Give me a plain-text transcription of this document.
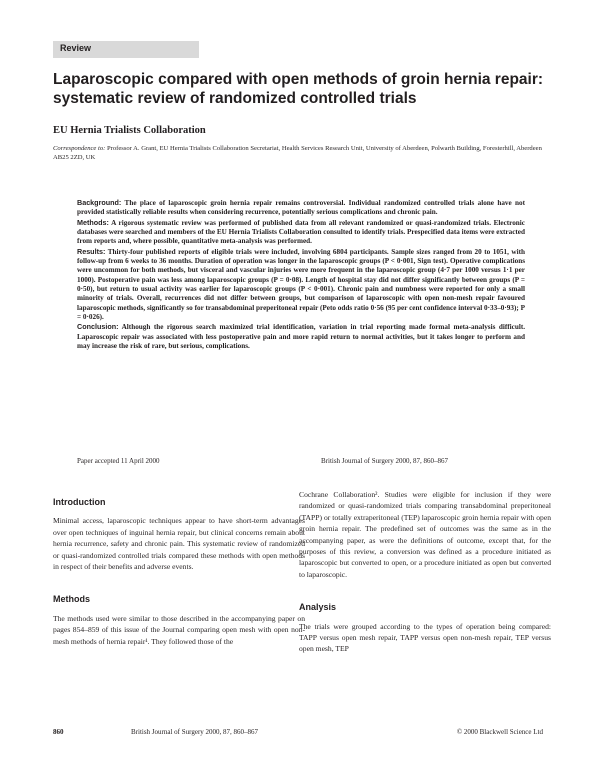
Review
Laparoscopic compared with open methods of groin hernia repair: systematic review of randomized controlled trials
EU Hernia Trialists Collaboration
Correspondence to: Professor A. Grant, EU Hernia Trialists Collaboration Secretariat, Health Services Research Unit, University of Aberdeen, Polwarth Building, Foresterhill, Aberdeen AB25 2ZD, UK

Background: The place of laparoscopic groin hernia repair remains controversial. Individual randomized controlled trials alone have not provided statistically reliable results when considering recurrence, potentially serious complications and chronic pain.

Methods: A rigorous systematic review was performed of published data from all relevant randomized or quasi-randomized trials. Electronic databases were searched and members of the EU Hernia Trialists Collaboration consulted to identify trials. Prespecified data items were extracted from reports and, where possible, quantitative meta-analysis was performed.

Results: Thirty-four published reports of eligible trials were included, involving 6804 participants. Sample sizes ranged from 20 to 1051, with follow-up from 6 weeks to 36 months. Duration of operation was longer in the laparoscopic groups (P < 0·001, Sign test). Operative complications were uncommon for both methods, but visceral and vascular injuries were more frequent in the laparoscopic group (4·7 per 1000 versus 1·1 per 1000). Postoperative pain was less among laparoscopic groups (P = 0·08). Length of hospital stay did not differ significantly between groups (P = 0·50), but return to usual activity was earlier for laparoscopic groups (P < 0·001). Chronic pain and numbness were reported for only a small minority of trials. Overall, recurrences did not differ between groups, but comparison of laparoscopic with open non-mesh repair favoured laparoscopic methods, significantly so for transabdominal preperitoneal repair (Peto odds ratio 0·56 (95 per cent confidence interval 0·33–0·93); P = 0·026).

Conclusion: Although the rigorous search maximized trial identification, variation in trial reporting made formal meta-analysis difficult. Laparoscopic repair was associated with less postoperative pain and more rapid return to normal activities, but it takes longer to perform and may increase the risk of rare, but serious, complications.

Paper accepted 11 April 2000	British Journal of Surgery 2000, 87, 860–867
Introduction

Minimal access, laparoscopic techniques appear to have short-term advantages over open techniques of inguinal hernia repair, but clinical concerns remain about hernia recurrence, safety and chronic pain. This systematic review of randomized or quasi-randomized controlled trials compared these methods with open methods in respect of their benefits and adverse events.

Methods

The methods used were similar to those described in the accompanying paper on pages 854–859 of this issue of the Journal comparing open mesh with open non-mesh methods of hernia repair¹. They followed those of the

Cochrane Collaboration². Studies were eligible for inclusion if they were randomized or quasi-randomized trials comparing transabdominal preperitoneal (TAPP) or totally extraperitoneal (TEP) laparoscopic groin hernia repair with open groin hernia repair. The predefined set of outcomes was the same as in the accompanying paper, as were the definitions of outcome, except that, for the purposes of this review, a conversion was defined as a procedure initiated as laparoscopic but converted to open, or a procedure initiated as open but converted to laparoscopic.

Analysis

The trials were grouped according to the types of operation being compared: TAPP versus open mesh repair, TAPP versus open non-mesh repair, TEP versus open mesh, TEP

860	British Journal of Surgery 2000, 87, 860–867	© 2000 Blackwell Science Ltd
